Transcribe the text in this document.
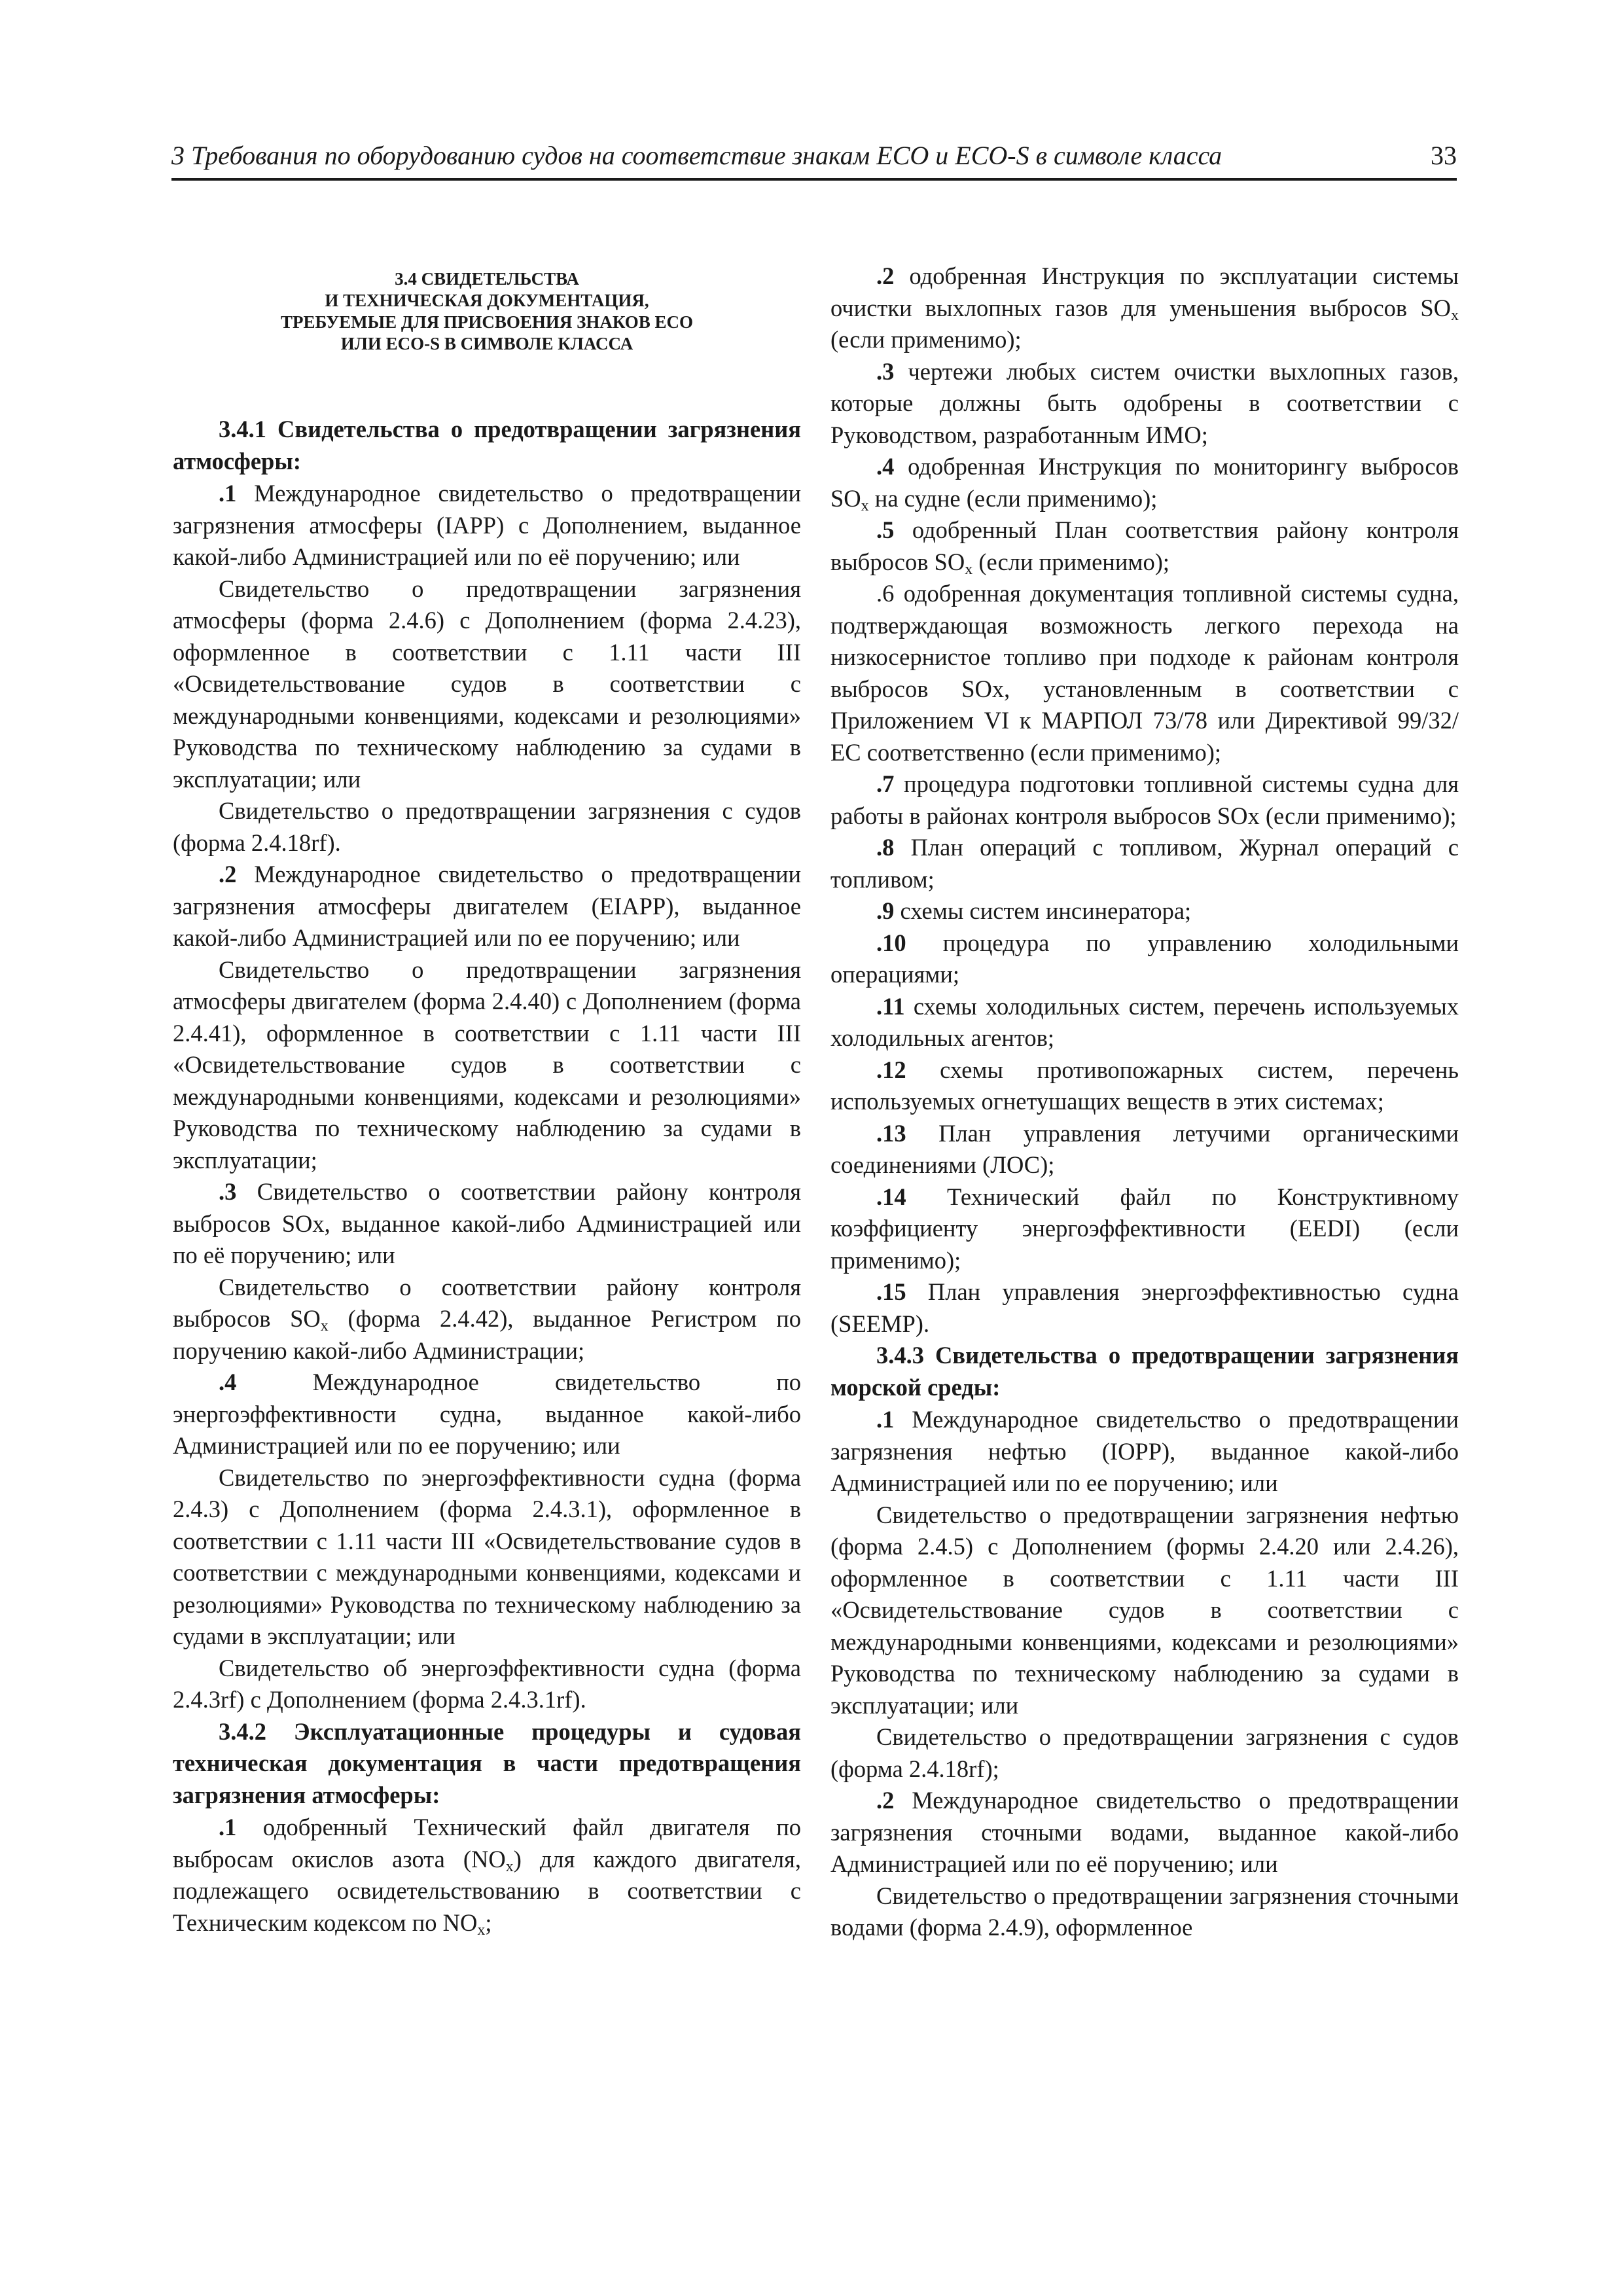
3 Требования по оборудованию судов на соответствие знакам ECO и ECO-S в символе класса	33
3.4 СВИДЕТЕЛЬСТВА
И ТЕХНИЧЕСКАЯ ДОКУМЕНТАЦИЯ,
ТРЕБУЕМЫЕ ДЛЯ ПРИСВОЕНИЯ ЗНАКОВ ECO
ИЛИ ECO-S В СИМВОЛЕ КЛАССА

3.4.1 Свидетельства о предотвращении загрязнения атмосферы:

.1 Международное свидетельство о предотвращении загрязнения атмосферы (IAPP) с Дополнением, выданное какой-либо Администрацией или по её поручению; или

Свидетельство о предотвращении загрязнения атмосферы (форма 2.4.6) с Дополнением (форма 2.4.23), оформленное в соответствии с 1.11 части III «Освидетельствование судов в соответствии с международными конвенциями, кодексами и резолюциями» Руководства по техническому наблюдению за судами в эксплуатации; или

Свидетельство о предотвращении загрязнения с судов (форма 2.4.18rf).

.2 Международное свидетельство о предотвращении загрязнения атмосферы двигателем (EIAPP), выданное какой-либо Администрацией или по ее поручению; или

Свидетельство о предотвращении загрязнения атмосферы двигателем (форма 2.4.40) с Дополнением (форма 2.4.41), оформленное в соответствии с 1.11 части III «Освидетельствование судов в соответствии с международными конвенциями, кодексами и резолюциями» Руководства по техническому наблюдению за судами в эксплуатации;

.3 Свидетельство о соответствии району контроля выбросов SOx, выданное какой-либо Администрацией или по её поручению; или

Свидетельство о соответствии району контроля выбросов $SO_x$ (форма 2.4.42), выданное Регистром по поручению какой-либо Администрации;

.4	Международное свидетельство по энергоэффективности судна, выданное какой-либо Администрацией или по ее поручению; или

Свидетельство по энергоэффективности судна (форма 2.4.3) с Дополнением (форма 2.4.3.1), оформленное в соответствии с 1.11 части III «Освидетельствование судов в соответствии с международными конвенциями, кодексами и резолюциями» Руководства по техническому наблюдению за судами в эксплуатации; или

Свидетельство об энергоэффективности судна (форма 2.4.3rf) с Дополнением (форма 2.4.3.1rf).

3.4.2 Эксплуатационные процедуры и судовая техническая документация в части предотвращения загрязнения атмосферы:

.1 одобренный Технический файл двигателя по выбросам окислов азота $(NO_x)$ для каждого двигателя, подлежащего освидетельствованию в соответствии с Техническим кодексом по $NO_x$;

.2 одобренная Инструкция по эксплуатации системы очистки выхлопных газов для уменьшения выбросов $SO_x$ (если применимо);

.3 чертежи любых систем очистки выхлопных газов, которые должны быть одобрены в соответствии с Руководством, разработанным ИМО;

.4 одобренная Инструкция по мониторингу выбросов $SO_x$ на судне (если применимо);

.5 одобренный План соответствия району контроля выбросов $SO_x$ (если применимо);

.6 одобренная документация топливной системы судна, подтверждающая возможность легкого перехода на низкосернистое топливо при подходе к районам контроля выбросов SOx, установленным в соответствии с Приложением VI к МАРПОЛ 73/78 или Директивой 99/32/ЕС соответственно (если применимо);

.7 процедура подготовки топливной системы судна для работы в районах контроля выбросов SOx (если применимо);

.8 План операций с топливом, Журнал операций с топливом;

.9 схемы систем инсинератора;

.10 процедура по управлению холодильными операциями;

.11 схемы холодильных систем, перечень используемых холодильных агентов;

.12 схемы противопожарных систем, перечень используемых огнетушащих веществ в этих системах;

.13 План управления летучими органическими соединениями (ЛОС);

.14 Технический файл по Конструктивному коэффициенту энергоэффективности (EEDI) (если применимо);

.15 План управления энергоэффективностью судна (SEEMP).

3.4.3 Свидетельства о предотвращении загрязнения морской среды:

.1 Международное свидетельство о предотвращении загрязнения нефтью (IOPP), выданное какой-либо Администрацией или по ее поручению; или

Свидетельство о предотвращении загрязнения нефтью (форма 2.4.5) с Дополнением (формы 2.4.20 или 2.4.26), оформленное в соответствии с 1.11 части III «Освидетельствование судов в соответствии с международными конвенциями, кодексами и резолюциями» Руководства по техническому наблюдению за судами в эксплуатации; или

Свидетельство о предотвращении загрязнения с судов (форма 2.4.18rf);

.2 Международное свидетельство о предотвращении загрязнения сточными водами, выданное какой-либо Администрацией или по её поручению; или

Свидетельство о предотвращении загрязнения сточными водами (форма 2.4.9), оформленное
